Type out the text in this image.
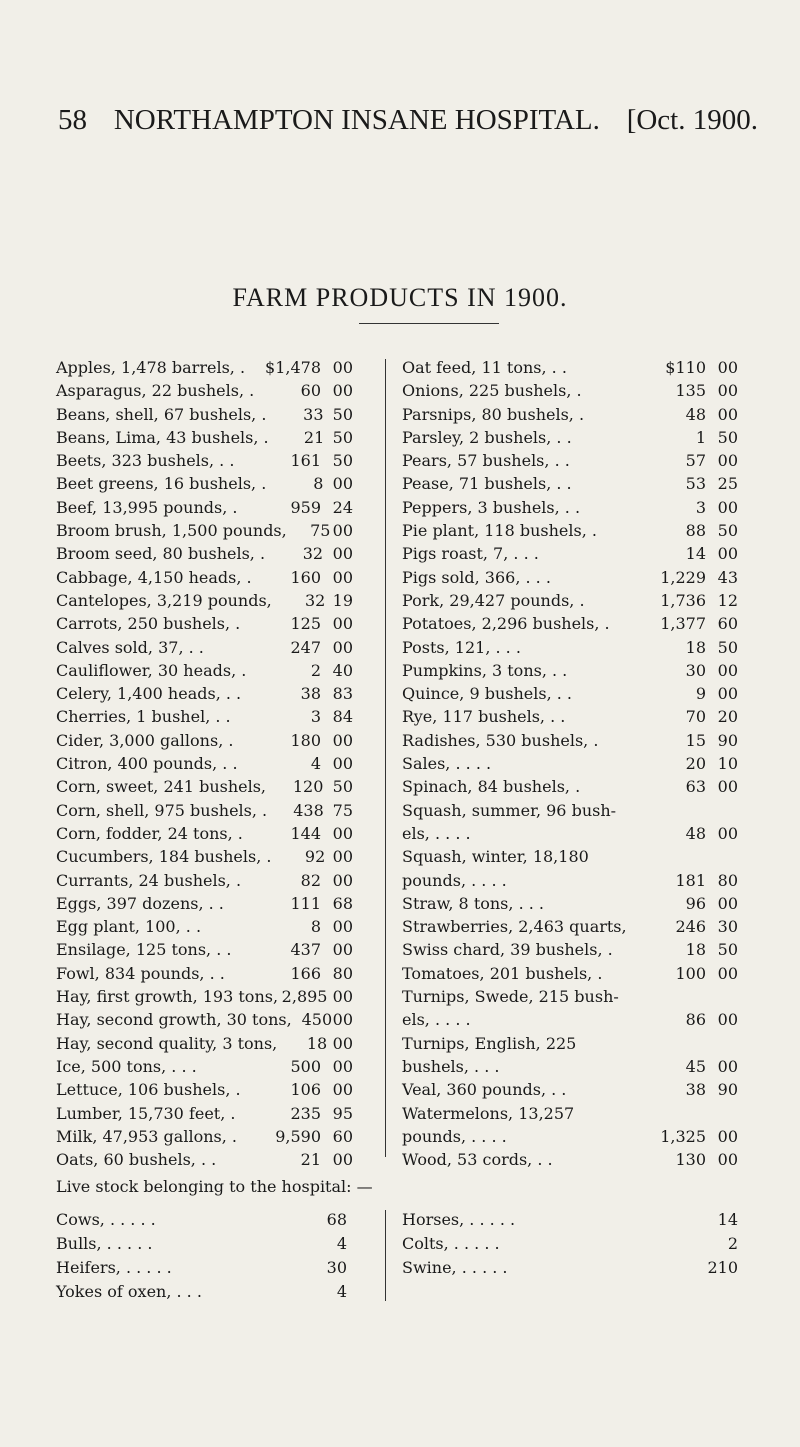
58 NORTHAMPTON INSANE HOSPITAL. [Oct. 1900.
FARM PRODUCTS IN 1900.
Apples, 1,478 barrels, .	$1,478 00
Asparagus, 22 bushels, .	60 00
Beans, shell, 67 bushels, .	33 50
Beans, Lima, 43 bushels, .	21 50
Beets, 323 bushels, . .	161 50
Beet greens, 16 bushels, .	8 00
Beef, 13,995 pounds, .	959 24
Broom brush, 1,500 pounds,	75 00
Broom seed, 80 bushels, .	32 00
Cabbage, 4,150 heads, .	160 00
Cantelopes, 3,219 pounds,	32 19
Carrots, 250 bushels, .	125 00
Calves sold, 37, . .	247 00
Cauliflower, 30 heads, .	2 40
Celery, 1,400 heads, . .	38 83
Cherries, 1 bushel, . .	3 84
Cider, 3,000 gallons, .	180 00
Citron, 400 pounds, . .	4 00
Corn, sweet, 241 bushels,	120 50
Corn, shell, 975 bushels, .	438 75
Corn, fodder, 24 tons, .	144 00
Cucumbers, 184 bushels, .	92 00
Currants, 24 bushels, .	82 00
Eggs, 397 dozens, . .	111 68
Egg plant, 100, . .	8 00
Ensilage, 125 tons, . .	437 00
Fowl, 834 pounds, . .	166 80
Hay, first growth, 193 tons, 2,895 00
Hay, second growth, 30 tons, 450 00
Hay, second quality, 3 tons,	18 00
Ice, 500 tons, . . .	500 00
Lettuce, 106 bushels, .	106 00
Lumber, 15,730 feet, .	235 95
Milk, 47,953 gallons, .	9,590 60
Oats, 60 bushels, . .	21 00
Oat feed, 11 tons, . .	$110 00
Onions, 225 bushels, .	135 00
Parsnips, 80 bushels, .	48 00
Parsley, 2 bushels, . .	1 50
Pears, 57 bushels, . .	57 00
Pease, 71 bushels, . .	53 25
Peppers, 3 bushels, . .	3 00
Pie plant, 118 bushels, .	88 50
Pigs roast, 7, . . .	14 00
Pigs sold, 366, . . .	1,229 43
Pork, 29,427 pounds, .	1,736 12
Potatoes, 2,296 bushels, .	1,377 60
Posts, 121, . . .	18 50
Pumpkins, 3 tons, . .	30 00
Quince, 9 bushels, . .	9 00
Rye, 117 bushels, . .	70 20
Radishes, 530 bushels, .	15 90
Sales, . . . .	20 10
Spinach, 84 bushels, .	63 00
Squash, summer, 96 bush-
els, . . . .	48 00
Squash, winter, 18,180
pounds, . . . .	181 80
Straw, 8 tons, . . .	96 00
Strawberries, 2,463 quarts,	246 30
Swiss chard, 39 bushels, .	18 50
Tomatoes, 201 bushels, .	100 00
Turnips, Swede, 215 bush-
els, . . . .	86 00
Turnips, English, 225
bushels, . . .	45 00
Veal, 360 pounds, . .	38 90
Watermelons, 13,257
pounds, . . . .	1,325 00
Wood, 53 cords, . .	130 00
Live stock belonging to the hospital: —
Cows, . . . . .	68
Bulls, . . . . .	4
Heifers, . . . . .	30
Yokes of oxen, . . .	4
Horses, . . . . .	14
Colts, . . . . .	2
Swine, . . . . .	210
